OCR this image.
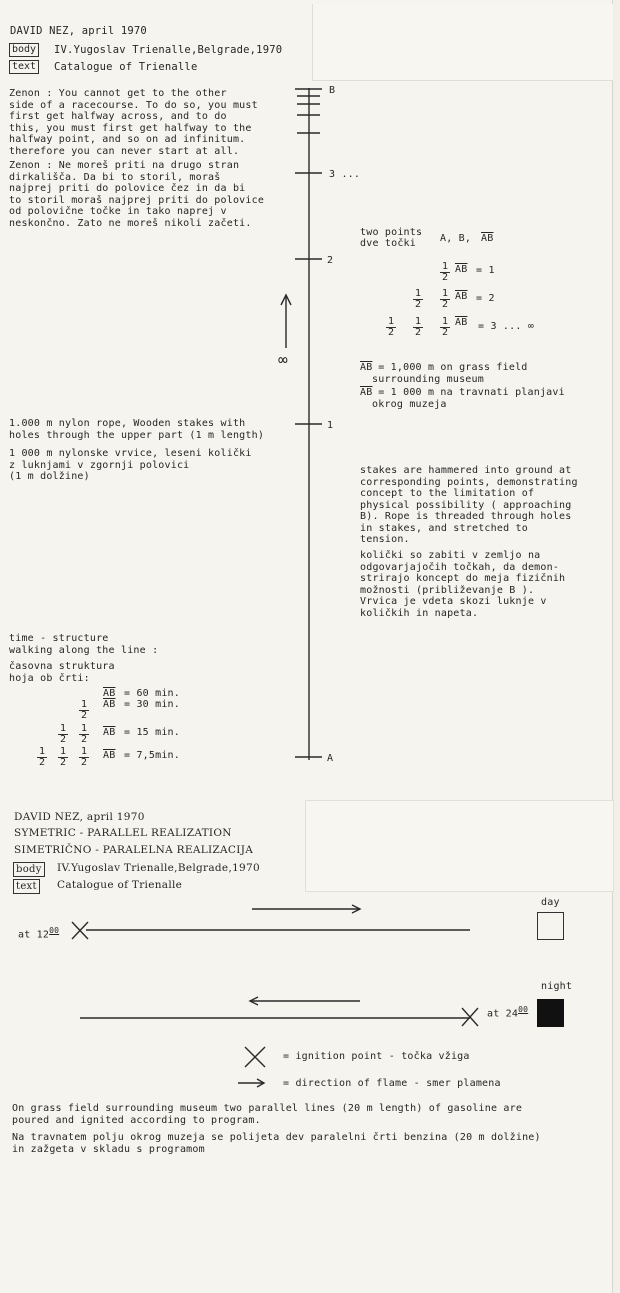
DAVID NEZ, april 1970

body IV.Yugoslav Trienalle,Belgrade,1970

text Catalogue of Trienalle

Zenon : You cannot get to the other
side of a racecourse. To do so, you must
first get halfway across, and to do
this, you must first get halfway to the
halfway point, and so on ad infinitum.
therefore you can never start at all.

Zenon : Ne moreš priti na drugo stran
dirkališča. Da bi to storil, moraš
najprej priti do polovice čez in da bi
to storil moraš najprej priti do polovice
od polovične točke in tako naprej v
neskončno. Zato ne moreš nikoli začeti.

B

3 ...

2

1

A

∞

two points

dve točki A, B, $\overline{AB}$

$\frac{1}{2} \overline{AB} = 1$

$\frac{1}{2} \frac{1}{2} \overline{AB} = 2$

$\frac{1}{2} \frac{1}{2} \frac{1}{2} \overline{AB} = 3$ ... ∞

$\overline{AB} = 1,000$ m on grass field
surrounding museum

$\overline{AB} = 1$ 000 m na travnati planjavi
okrog muzeja

1.000 m nylon rope, Wooden stakes with
holes through the upper part (1 m length)

1 000 m nylonske vrvice, leseni količki
z luknjami v zgornji polovici
(1 m dolžine)

stakes are hammered into ground at
corresponding points, demonstrating
concept to the limitation of
physical possibility ( approaching
B). Rope is threaded through holes
in stakes, and stretched to
tension.

količki so zabiti v zemljo na
odgovarjajočih točkah, da demon-
strirajo koncept do meja fizičnih
možnosti (približevanje B ).
Vrvica je vdeta skozi luknje v
količkih in napeta.

time - structure
walking along the line :

časovna struktura
hoja ob črti:

$\overline{AB} = 60$ min.

$\frac{1}{2} \overline{AB} = 30$ min.

$\frac{1}{2} \frac{1}{2} \overline{AB} = 15$ min.

$\frac{1}{2} \frac{1}{2} \frac{1}{2} \overline{AB} = 7,5\min$.

DAVID NEZ, april 1970

SYMETRIC - PARALLEL REALIZATION

SIMETRIČNO - PARALELNA REALIZACIJA

body IV.Yugoslav Trienalle,Belgrade,1970

text Catalogue of Trienalle

day

night

at $12^{00}$

at $24^{00}$

= ignition point - točka vžiga

= direction of flame - smer plamena

On grass field surrounding museum two parallel lines (20 m length) of gasoline are
poured and ignited according to program.

Na travnatem polju okrog muzeja se polijeta dev paralelni črti benzina (20 m dolžine)
in zažgeta v skladu s programom
